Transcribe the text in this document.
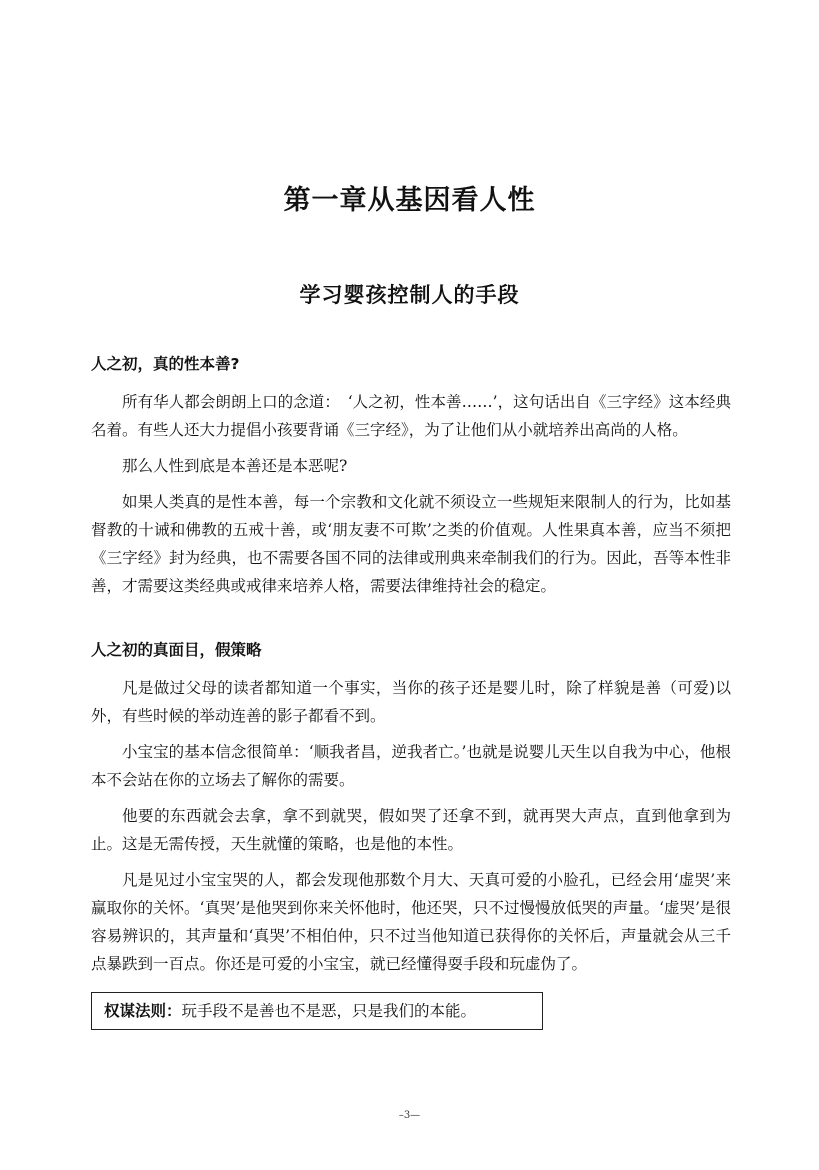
第一章从基因看人性
学习婴孩控制人的手段
人之初，真的性本善?

所有华人都会朗朗上口的念道：　‘人之初，性本善……’，这句话出自《三字经》这本经典名着。有些人还大力提倡小孩要背诵《三字经》，为了让他们从小就培养出高尚的人格。

那么人性到底是本善还是本恶呢?

如果人类真的是性本善，每一个宗教和文化就不须设立一些规矩来限制人的行为，比如基督教的十诫和佛教的五戒十善，或‘朋友妻不可欺’之类的价值观。人性果真本善，应当不须把《三字经》封为经典，也不需要各国不同的法律或刑典来牵制我们的行为。因此，吾等本性非善，才需要这类经典或戒律来培养人格，需要法律维持社会的稳定。

人之初的真面目，假策略

凡是做过父母的读者都知道一个事实，当你的孩子还是婴儿时，除了样貌是善（可爱)以外，有些时候的举动连善的影子都看不到。

小宝宝的基本信念很简单：‘顺我者昌，逆我者亡。’也就是说婴儿天生以自我为中心，他根本不会站在你的立场去了解你的需要。

他要的东西就会去拿，拿不到就哭，假如哭了还拿不到，就再哭大声点，直到他拿到为止。这是无需传授，天生就懂的策略，也是他的本性。

凡是见过小宝宝哭的人，都会发现他那数个月大、天真可爱的小脸孔，已经会用‘虚哭’来赢取你的关怀。‘真哭’是他哭到你来关怀他时，他还哭，只不过慢慢放低哭的声量。‘虚哭’是很容易辨识的，其声量和‘真哭’不相伯仲，只不过当他知道已获得你的关怀后，声量就会从三千点暴跌到一百点。你还是可爱的小宝宝，就已经懂得耍手段和玩虚伪了。

权谋法则：玩手段不是善也不是恶，只是我们的本能。
–3—
